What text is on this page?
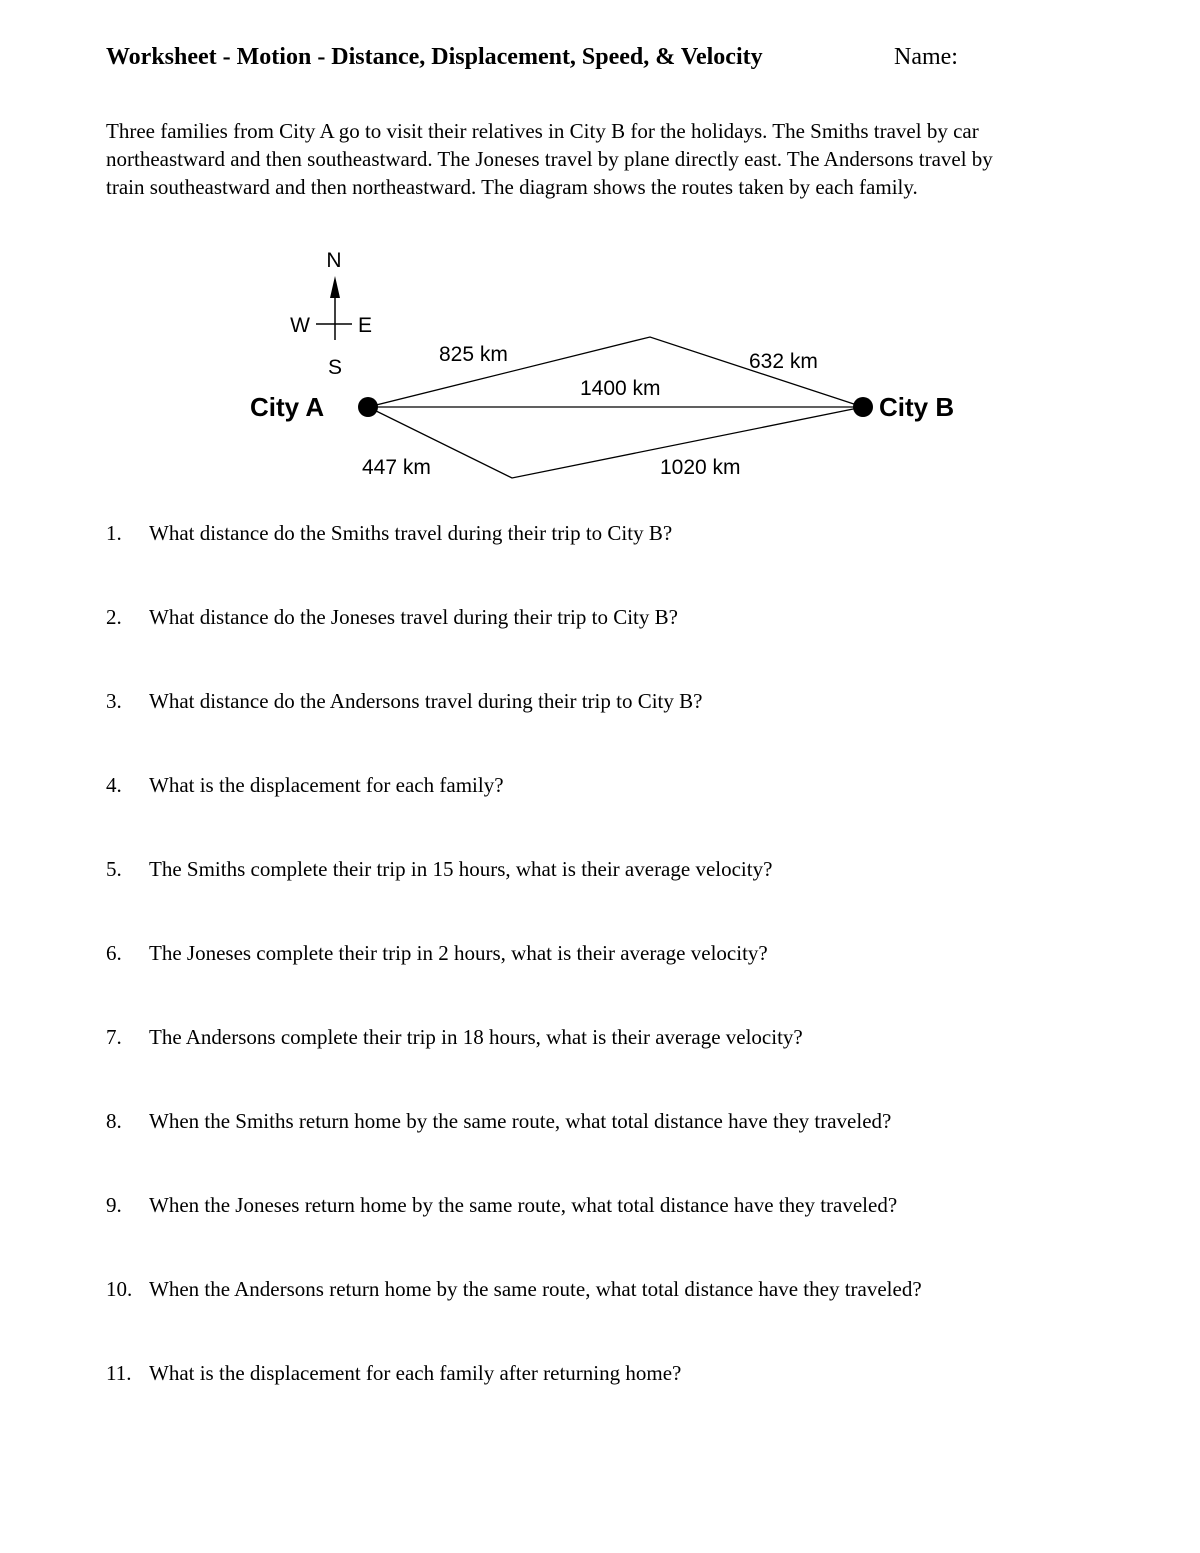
Worksheet - Motion - Distance, Displacement, Speed, & Velocity	Name:
Three families from City A go to visit their relatives in City B for the holidays. The Smiths travel by car
northeastward and then southeastward. The Joneses travel by plane directly east. The Andersons travel by
train southeastward and then northeastward. The diagram shows the routes taken by each family.
N
S
W E
City A	City B
825 km	632 km
1400 km
447 km	1020 km
1. What distance do the Smiths travel during their trip to City B?
2. What distance do the Joneses travel during their trip to City B?
3. What distance do the Andersons travel during their trip to City B?
4. What is the displacement for each family?
5. The Smiths complete their trip in 15 hours, what is their average velocity?
6. The Joneses complete their trip in 2 hours, what is their average velocity?
7. The Andersons complete their trip in 18 hours, what is their average velocity?
8. When the Smiths return home by the same route, what total distance have they traveled?
9. When the Joneses return home by the same route, what total distance have they traveled?
10. When the Andersons return home by the same route, what total distance have they traveled?
11. What is the displacement for each family after returning home?
